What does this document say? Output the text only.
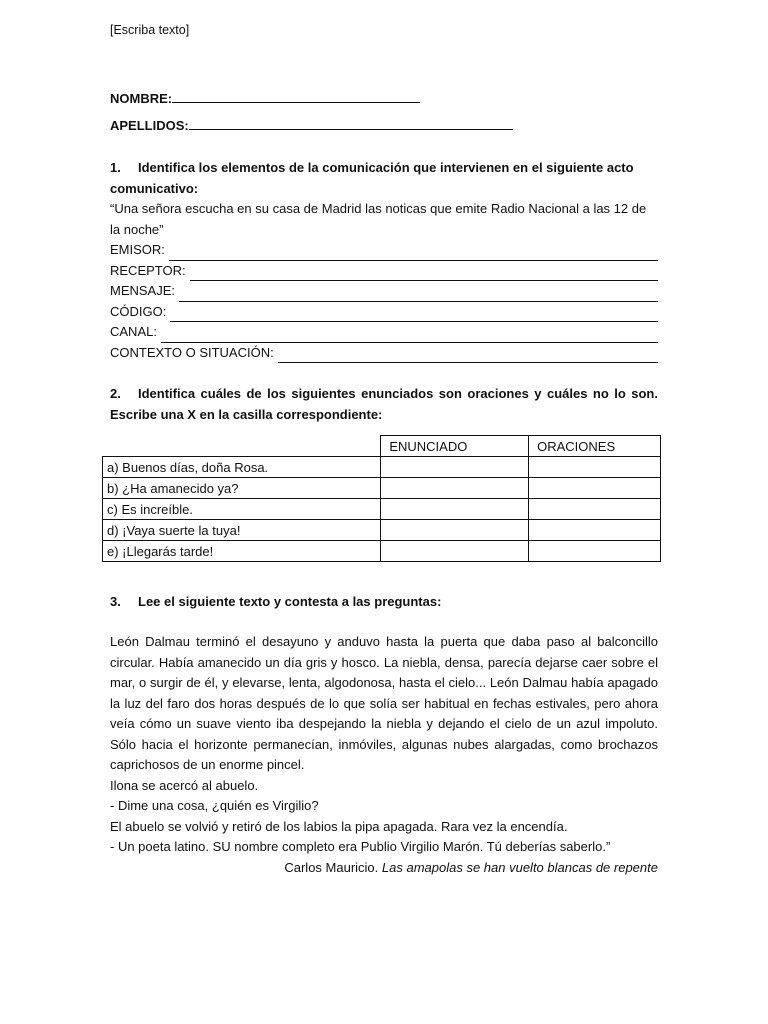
[Escriba texto]
NOMBRE:
APELLIDOS:
1. Identifica los elementos de la comunicación que intervienen en el siguiente acto comunicativo:
“Una señora escucha en su casa de Madrid las noticas que emite Radio Nacional a las 12 de la noche”
EMISOR:
RECEPTOR:
MENSAJE:
CÓDIGO:
CANAL:
CONTEXTO O SITUACIÓN:
2. Identifica cuáles de los siguientes enunciados son oraciones y cuáles no lo son. Escribe una X en la casilla correspondiente:
	ENUNCIADO	ORACIONES
a) Buenos días, doña Rosa.		
b) ¿Ha amanecido ya?		
c) Es increíble.		
d) ¡Vaya suerte la tuya!		
e) ¡Llegarás tarde!		
3. Lee el siguiente texto y contesta a las preguntas:

León Dalmau terminó el desayuno y anduvo hasta la puerta que daba paso al balconcillo circular. Había amanecido un día gris y hosco. La niebla, densa, parecía dejarse caer sobre el mar, o surgir de él, y elevarse, lenta, algodonosa, hasta el cielo... León Dalmau había apagado la luz del faro dos horas después de lo que solía ser habitual en fechas estivales, pero ahora veía cómo un suave viento iba despejando la niebla y dejando el cielo de un azul impoluto. Sólo hacia el horizonte permanecían, inmóviles, algunas nubes alargadas, como brochazos caprichosos de un enorme pincel.

Ilona se acercó al abuelo.

- Dime una cosa, ¿quién es Virgilio?

El abuelo se volvió y retiró de los labios la pipa apagada. Rara vez la encendía.

- Un poeta latino. SU nombre completo era Publio Virgilio Marón. Tú deberías saberlo.”

Carlos Mauricio. Las amapolas se han vuelto blancas de repente
